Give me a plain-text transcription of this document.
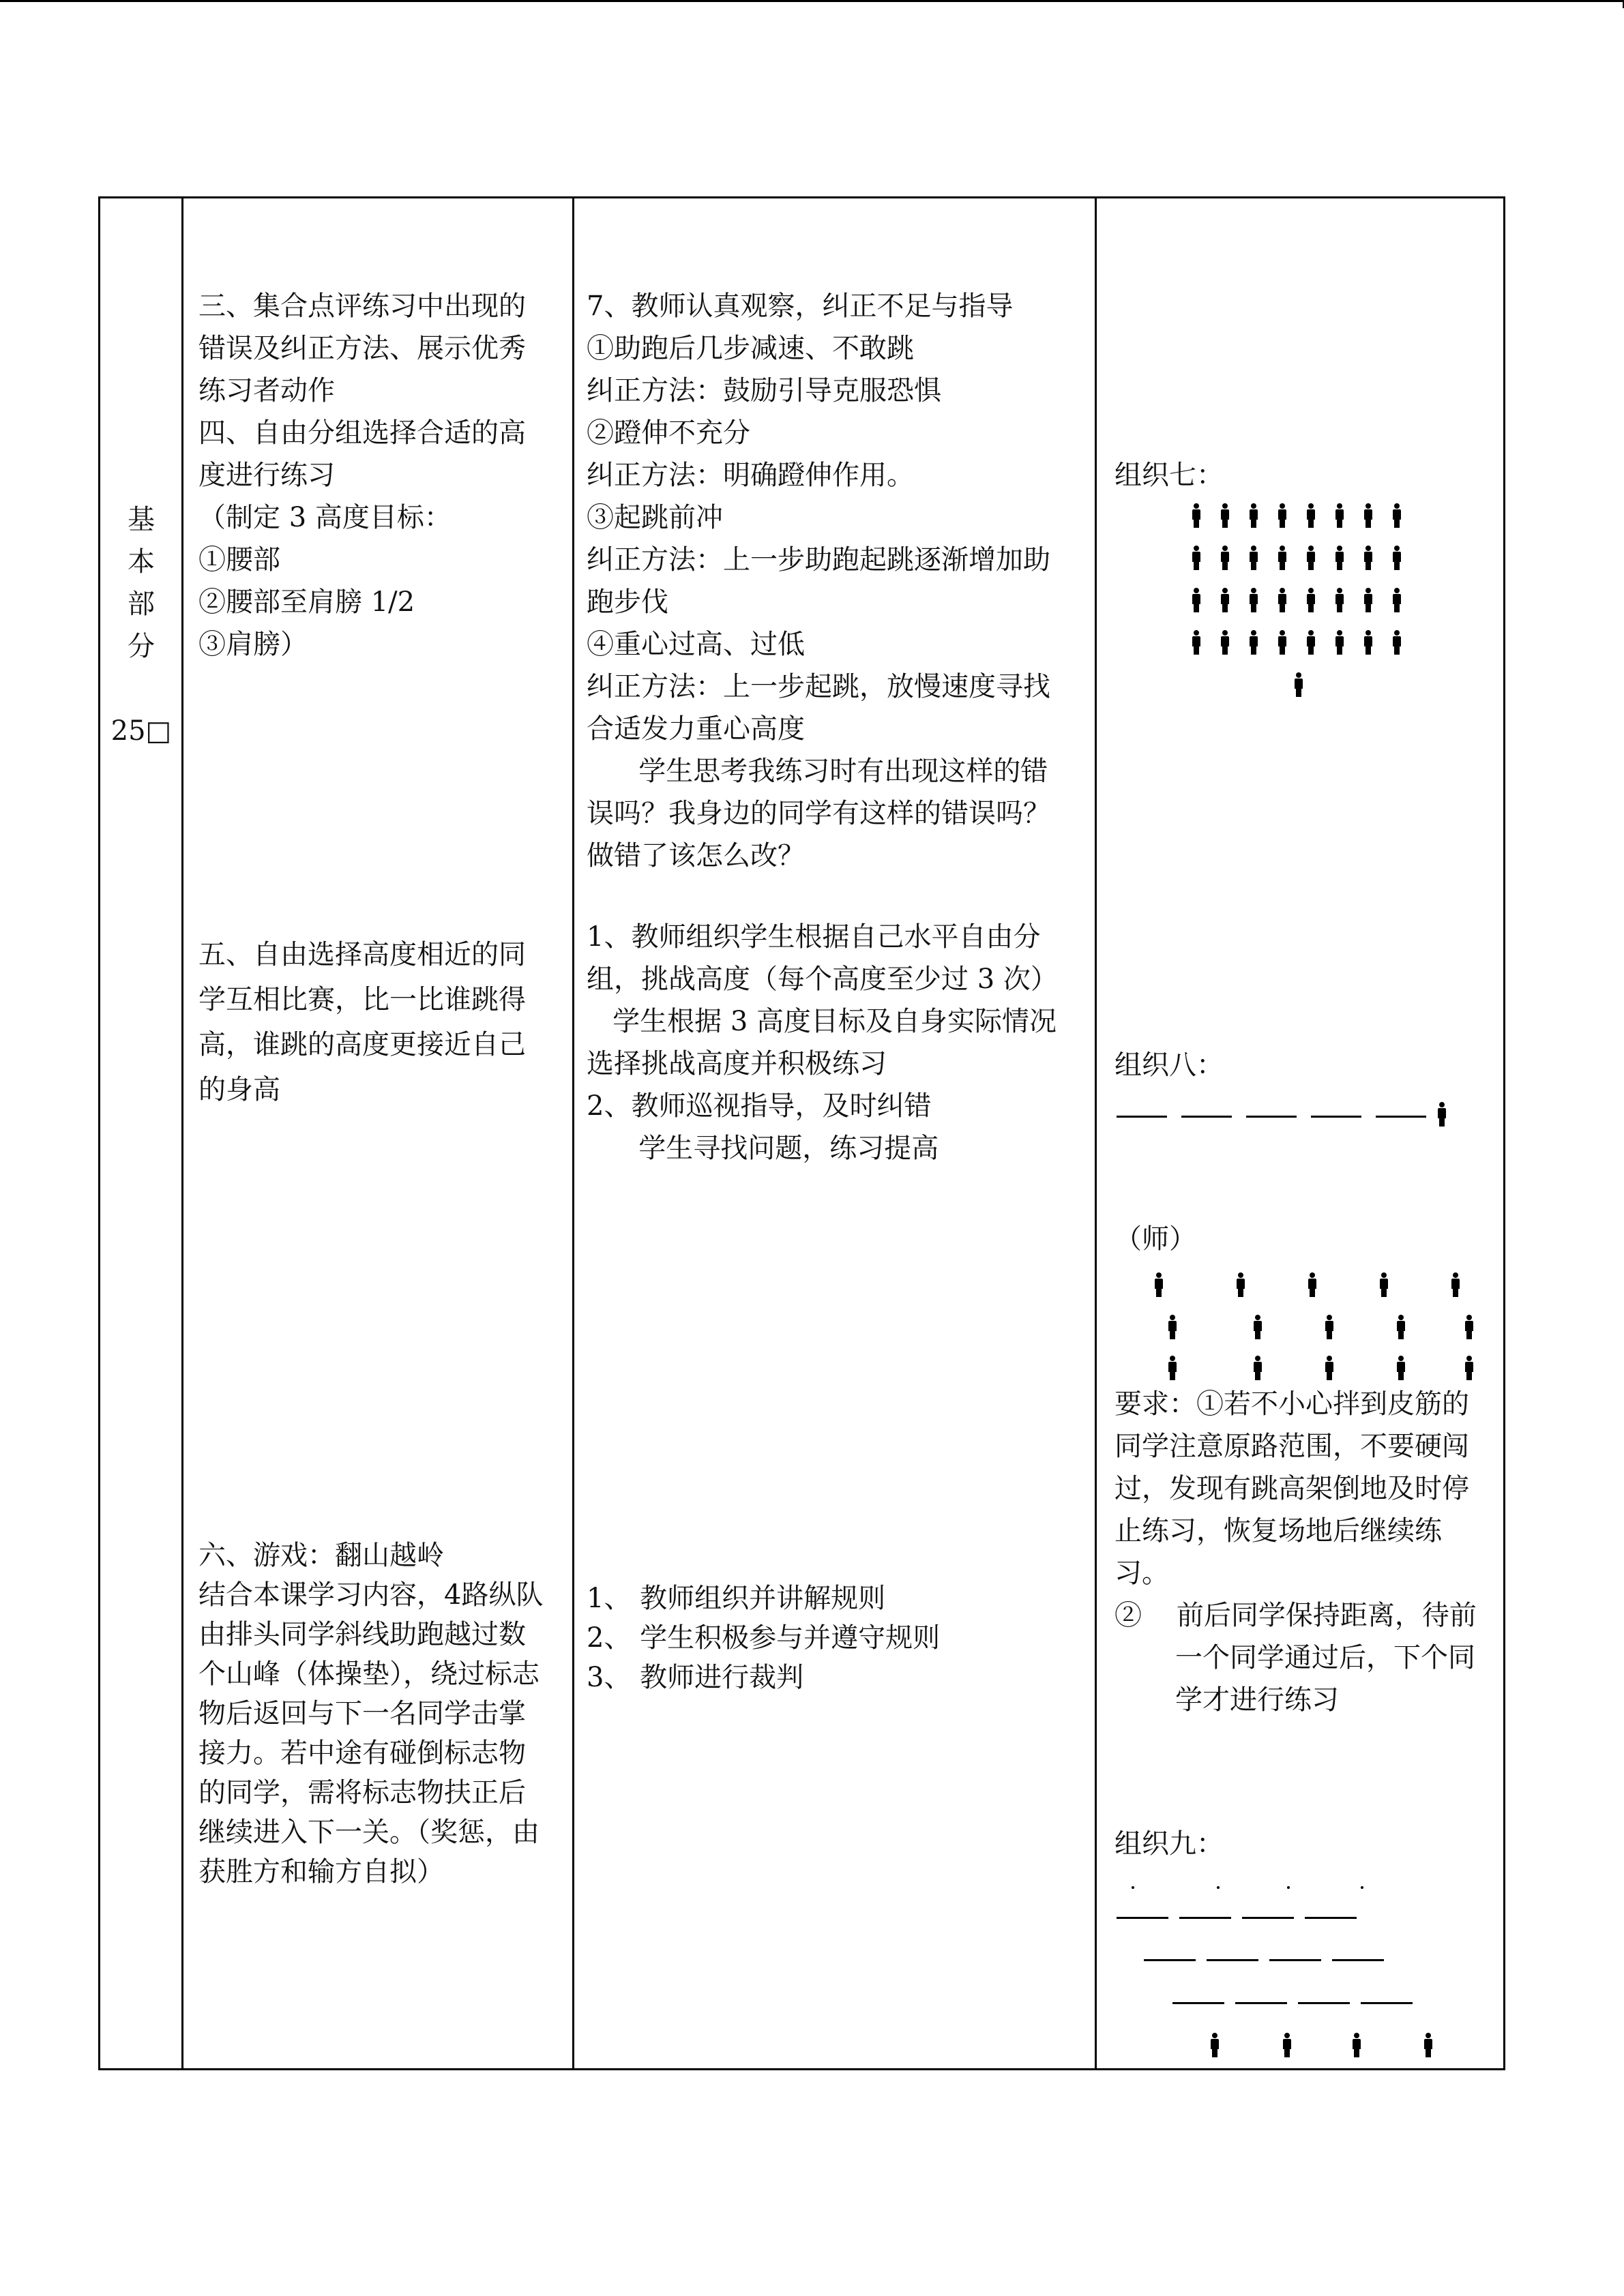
基
本
部
分
25□

三、集合点评练习中出现的

错误及纠正方法、展示优秀

练习者动作

四、自由分组选择合适的高

度进行练习

（制定 3 高度目标：

①腰部

②腰部至肩膀 1/2

③肩膀）

五、自由选择高度相近的同

学互相比赛，比一比谁跳得

高，谁跳的高度更接近自己

的身高

六、游戏：翻山越岭

结合本课学习内容，4路纵队

由排头同学斜线助跑越过数

个山峰（体操垫），绕过标志

物后返回与下一名同学击掌

接力。若中途有碰倒标志物

的同学，需将标志物扶正后

继续进入下一关。（奖惩，由

获胜方和输方自拟）

7、教师认真观察，纠正不足与指导

①助跑后几步减速、不敢跳

纠正方法：鼓励引导克服恐惧

②蹬伸不充分

纠正方法：明确蹬伸作用。

③起跳前冲

纠正方法：上一步助跑起跳逐渐增加助

跑步伐

④重心过高、过低

纠正方法：上一步起跳，放慢速度寻找

合适发力重心高度

学生思考我练习时有出现这样的错

误吗？我身边的同学有这样的错误吗？

做错了该怎么改？

1、教师组织学生根据自己水平自由分

组，挑战高度（每个高度至少过 3 次）

学生根据 3 高度目标及自身实际情况

选择挑战高度并积极练习

2、教师巡视指导，及时纠错

学生寻找问题，练习提高

1、 教师组织并讲解规则

2、 学生积极参与并遵守规则

3、 教师进行裁判

组织七：
组织八：
（师）

要求：①若不小心拌到皮筋的

同学注意原路范围，不要硬闯

过，发现有跳高架倒地及时停

止练习，恢复场地后继续练

习。

②    前后同学保持距离，待前

一个同学通过后，下个同

学才进行练习

组织九：
